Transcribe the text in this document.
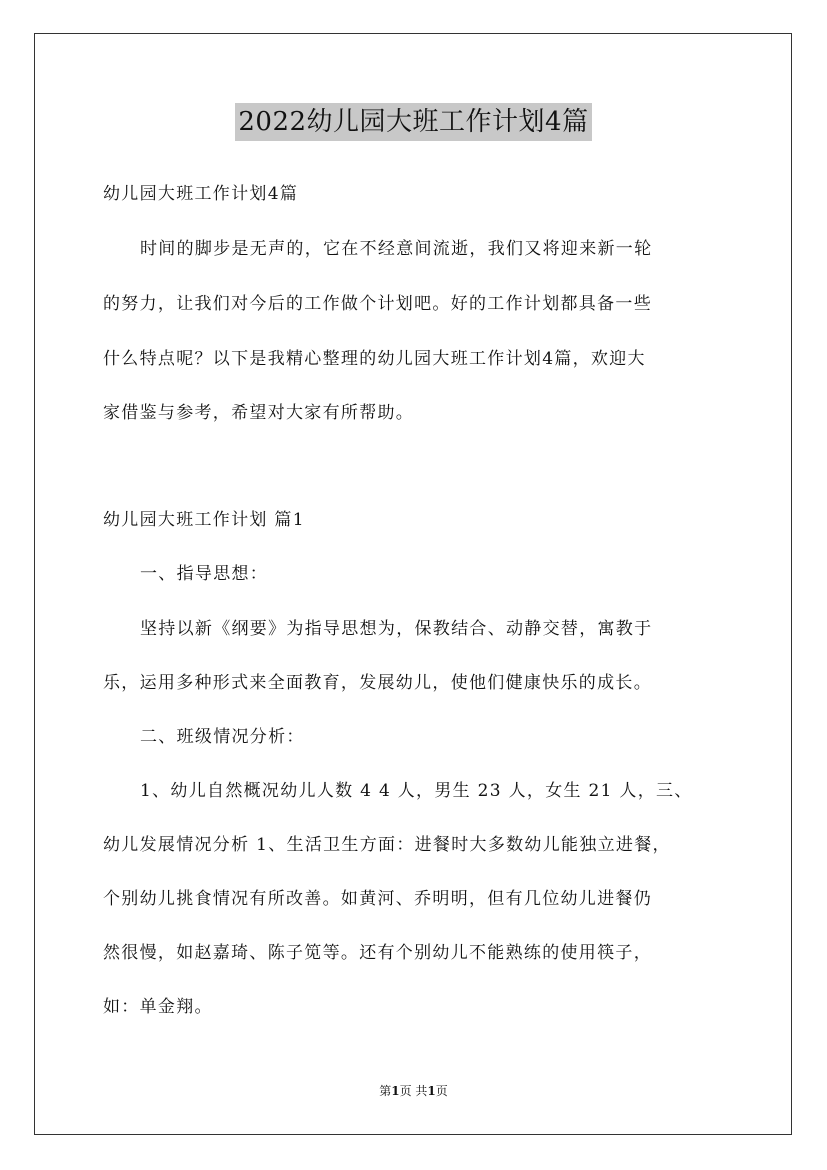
2022幼儿园大班工作计划4篇
幼儿园大班工作计划4篇
时间的脚步是无声的，它在不经意间流逝，我们又将迎来新一轮
的努力，让我们对今后的工作做个计划吧。好的工作计划都具备一些
什么特点呢？以下是我精心整理的幼儿园大班工作计划4篇，欢迎大
家借鉴与参考，希望对大家有所帮助。
幼儿园大班工作计划 篇1
一、指导思想：
坚持以新《纲要》为指导思想为，保教结合、动静交替，寓教于
乐，运用多种形式来全面教育，发展幼儿，使他们健康快乐的成长。
二、班级情况分析：
1、幼儿自然概况幼儿人数 4 4 人，男生 23 人，女生 21 人，三、
幼儿发展情况分析 1、生活卫生方面：进餐时大多数幼儿能独立进餐，
个别幼儿挑食情况有所改善。如黄河、乔明明，但有几位幼儿进餐仍
然很慢，如赵嘉琦、陈子笕等。还有个别幼儿不能熟练的使用筷子，
如：单金翔。
第1页 共1页
